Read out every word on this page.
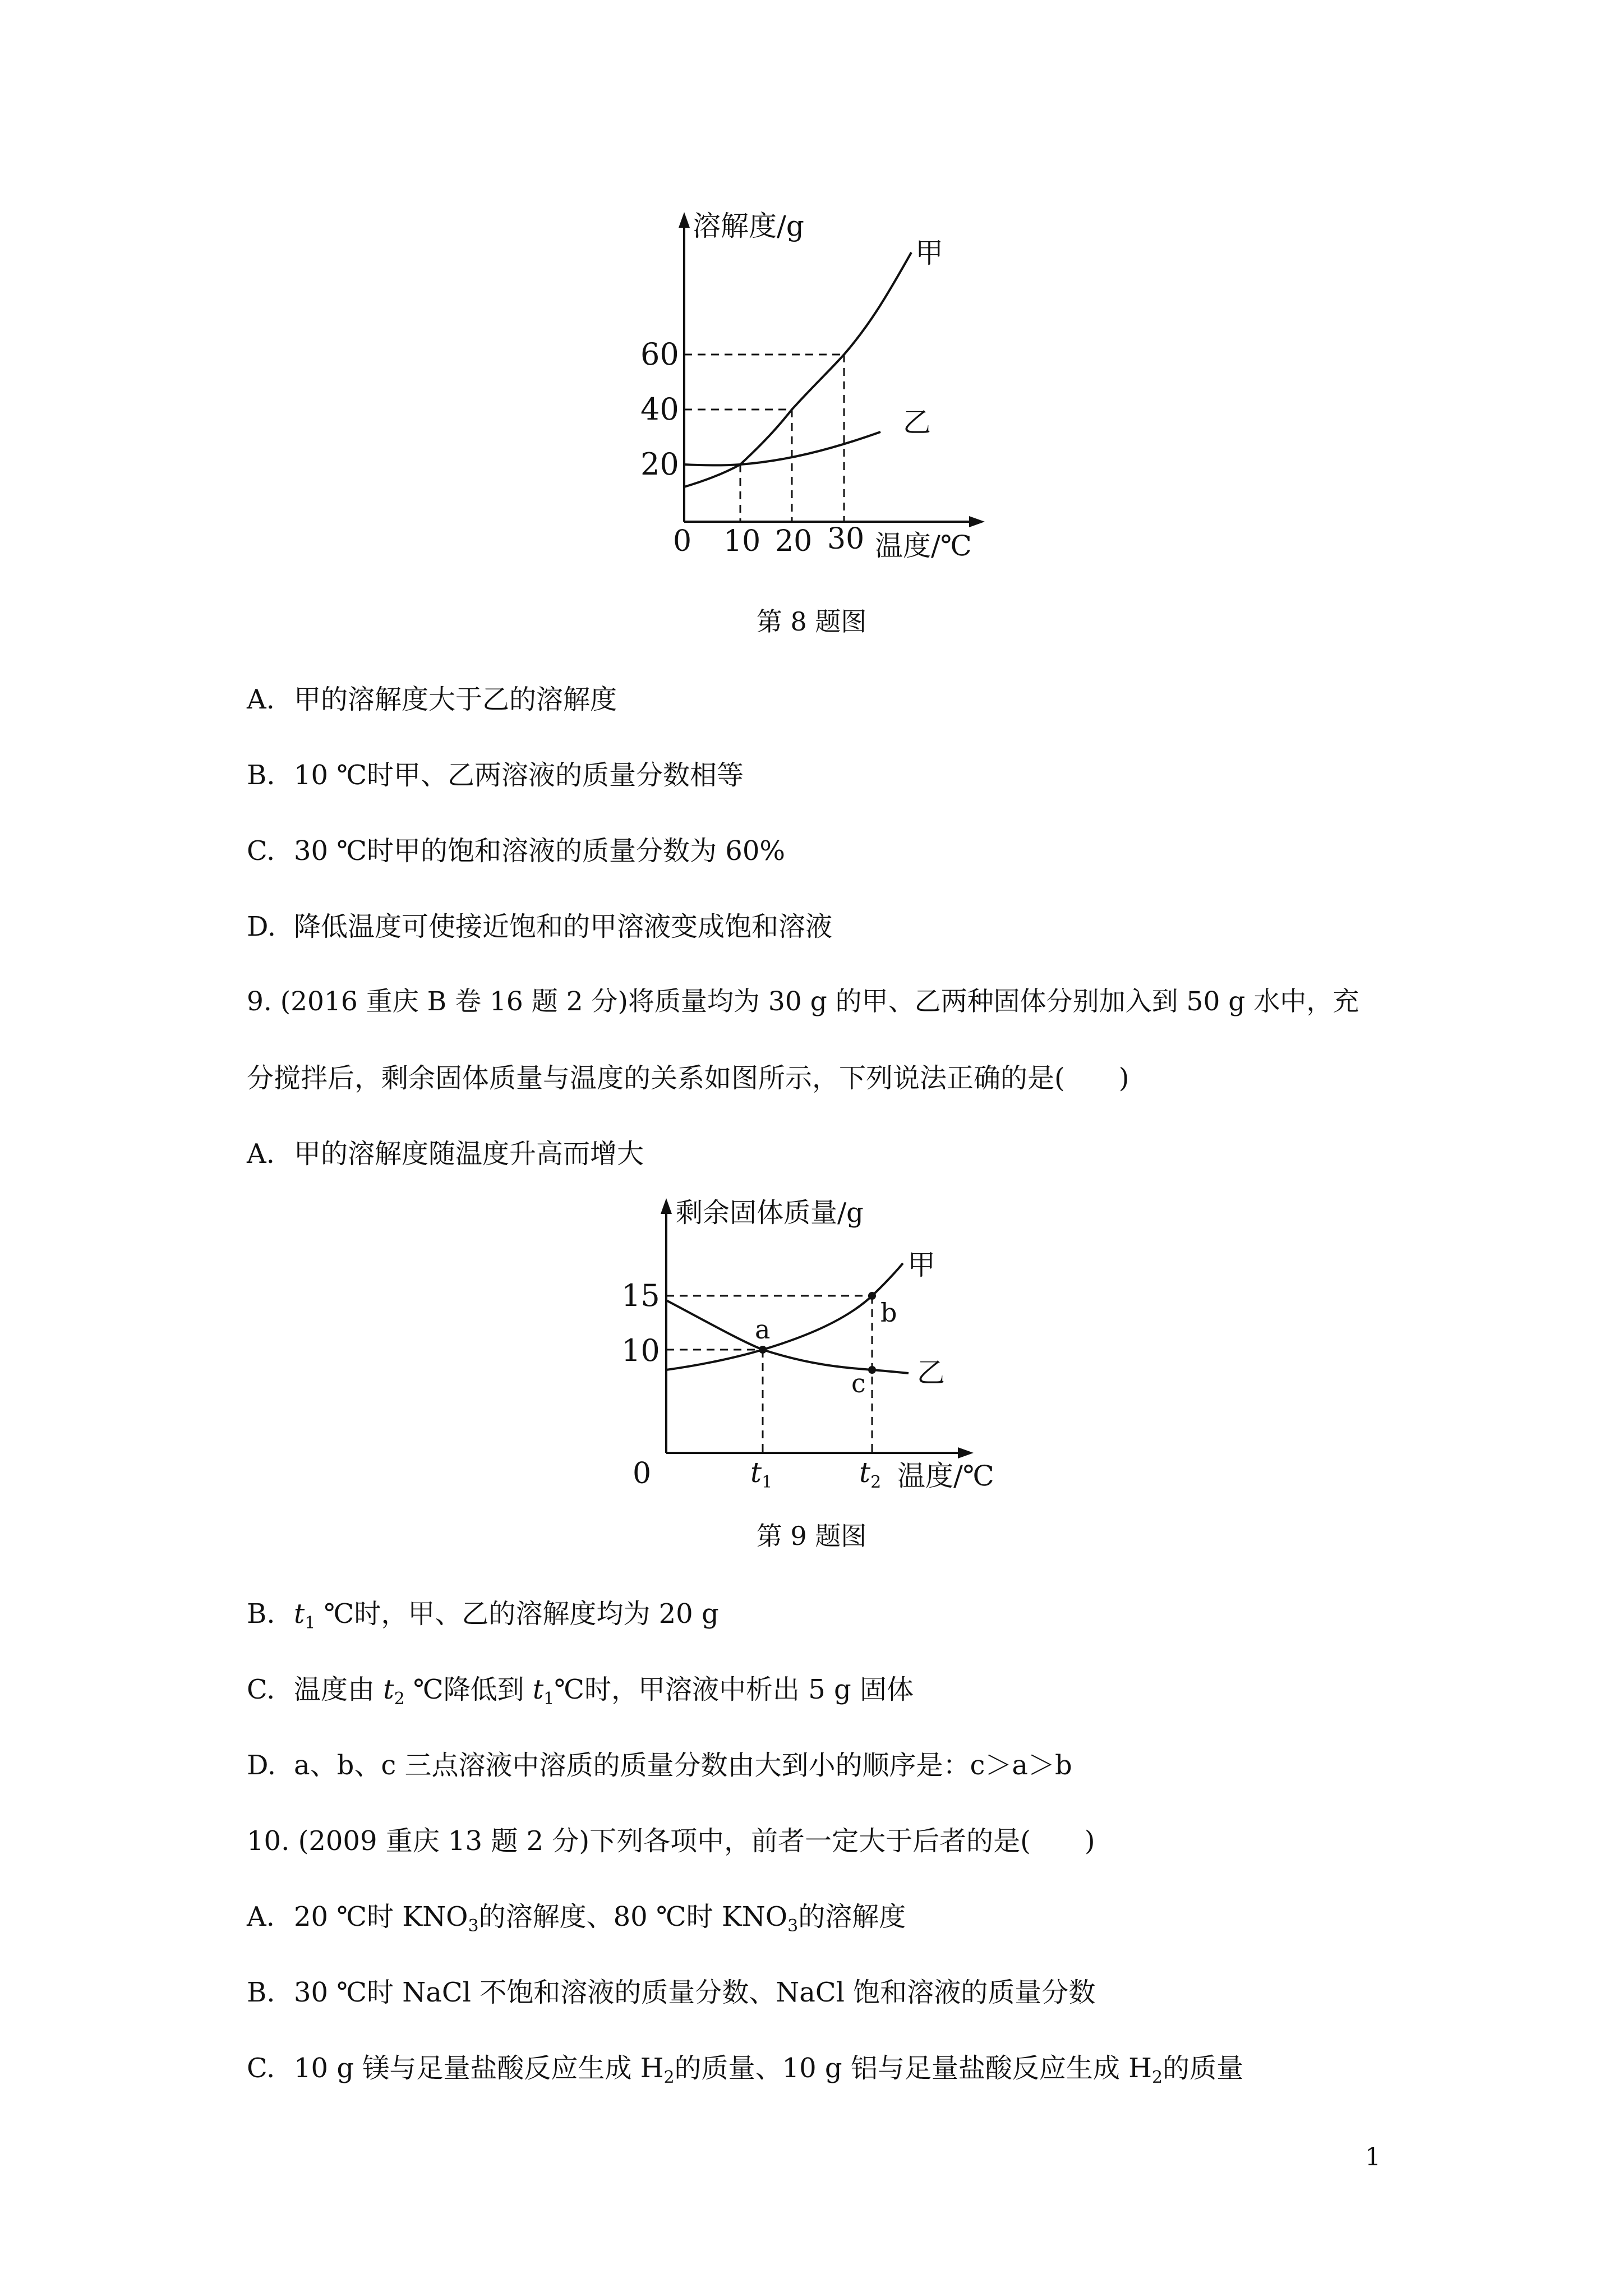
溶解度/g
温度/℃
0
60
40
20
10 20 30
甲
乙
第 8 题图
A. 甲的溶解度大于乙的溶解度
B. 10 ℃时甲、乙两溶液的质量分数相等
C. 30 ℃时甲的饱和溶液的质量分数为 60%
D. 降低温度可使接近饱和的甲溶液变成饱和溶液
9. (2016 重庆 B 卷 16 题 2 分)将质量均为 30 g 的甲、乙两种固体分别加入到 50 g 水中，充
分搅拌后，剩余固体质量与温度的关系如图所示，下列说法正确的是(　　)
A. 甲的溶解度随温度升高而增大
剩余固体质量/g
温度/℃
0
15
10
$t_1$	$t_2$
a
b
c
甲
乙
第 9 题图
B. $t_1$ ℃时，甲、乙的溶解度均为 20 g
C. 温度由 $t_2$ ℃降低到 $t_1℃$时，甲溶液中析出 5 g 固体
D. a、b、c 三点溶液中溶质的质量分数由大到小的顺序是：c＞a＞b
10. (2009 重庆 13 题 2 分)下列各项中，前者一定大于后者的是(　　)
A. 20 ℃时 $KNO_3$的溶解度、80 ℃时 $KNO_3$的溶解度
B. 30 ℃时 NaCl 不饱和溶液的质量分数、NaCl 饱和溶液的质量分数
C. 10 g 镁与足量盐酸反应生成 $H_2$的质量、10 g 铝与足量盐酸反应生成 $H_2$的质量
1
